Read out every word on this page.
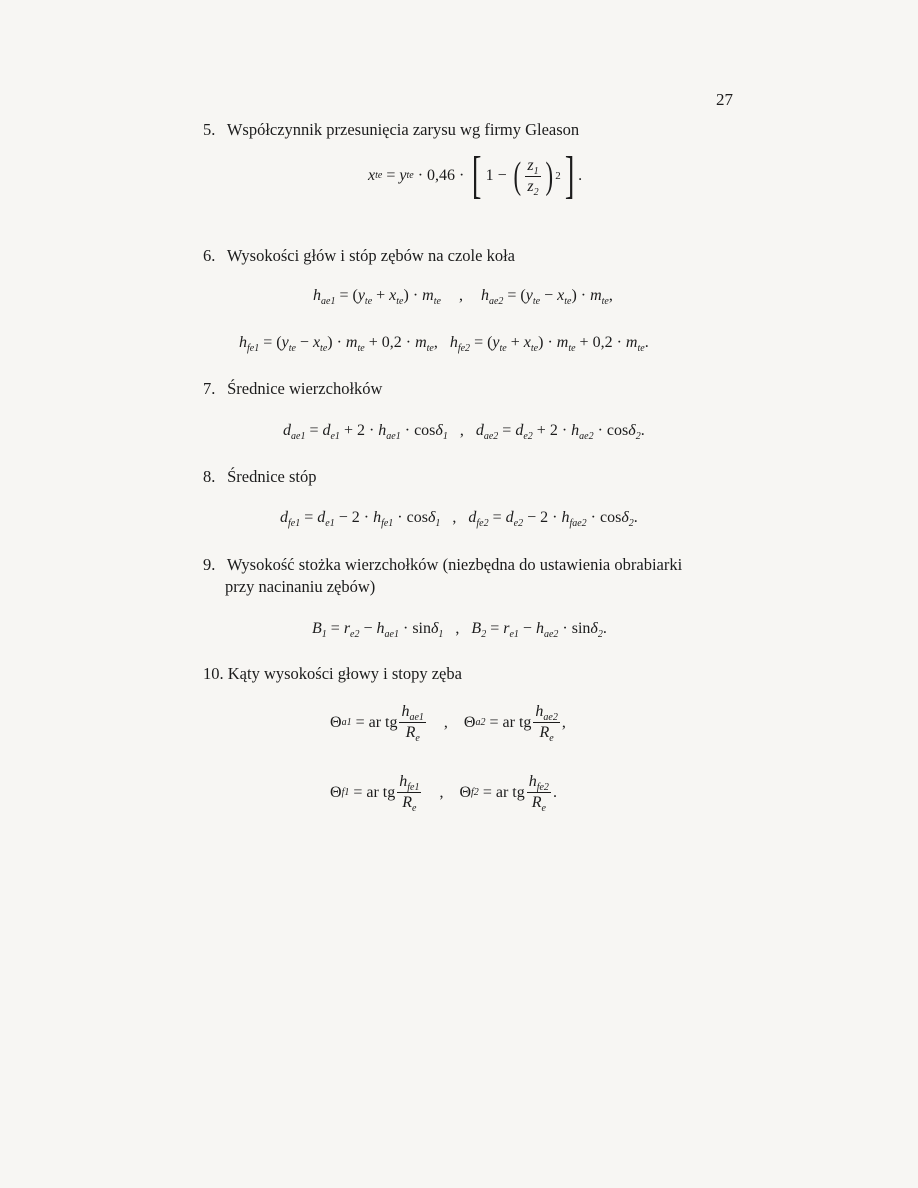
27
5. Współczynnik przesunięcia zarysu wg firmy Gleason
x te = y te · 0,46 · [ 1 − ( $\frac{z_1}{z_2}$ ) 2 ] .
6. Wysokości głów i stóp zębów na czole koła
$h_{ae1} = (y_{te} + x_{te}) \cdot m_{te}$ , $h_{ae2} = (y_{te} - x_{te}) \cdot m_{te}$,
$h_{fe1} = (y_{te} - x_{te}) \cdot m_{te} + 0,2 \cdot m_{te}$, $h_{fe2} = (y_{te} + x_{te}) \cdot m_{te} + 0,2 \cdot m_{te}$.
7. Średnice wierzchołków
$d_{ae1} = d_{e1} + 2 \cdot h_{ae1} \cdot \cos\delta_1$ , $d_{ae2} = d_{e2} + 2 \cdot h_{ae2} \cdot \cos\delta_2$.
8. Średnice stóp
$d_{fe1} = d_{e1} - 2 \cdot h_{fe1} \cdot \cos\delta_1$ , $d_{fe2} = d_{e2} - 2 \cdot h_{fae2} \cdot \cos\delta_2$.
9. Wysokość stożka wierzchołków (niezbędna do ustawienia obrabiarki
przy nacinaniu zębów)
$B_1 = r_{e2} - h_{ae1} \cdot \sin\delta_1$ , $B_2 = r_{e1} - h_{ae2} \cdot \sin\delta_2$.
10. Kąty wysokości głowy i stopy zęba
Θ a1 = ar tg $\frac{h_{ae1}}{R_e}$ , Θ a2 = ar tg $\frac{h_{ae2}}{R_e}$ ,
Θ f1 = ar tg $\frac{h_{fe1}}{R_e}$ , Θ f2 = ar tg $\frac{h_{fe2}}{R_e}$ .
